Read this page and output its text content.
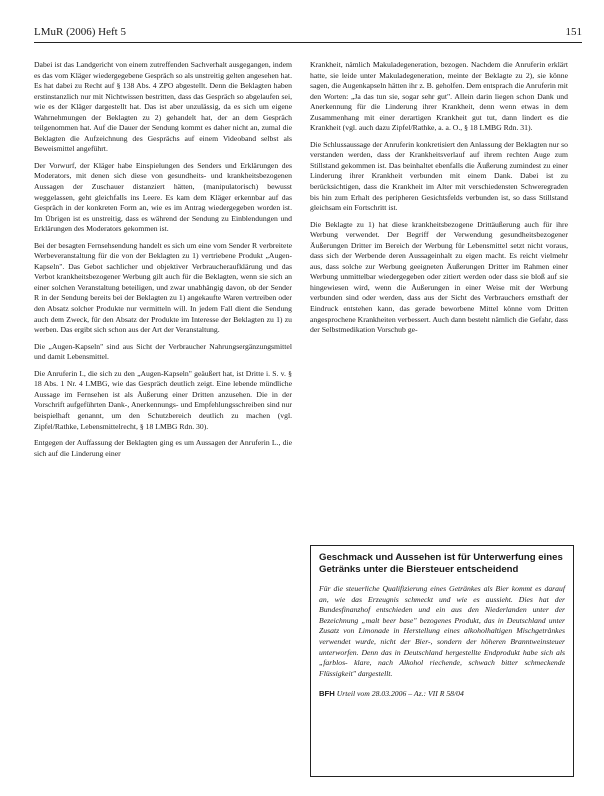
LMuR (2006) Heft 5	151

Dabei ist das Landgericht von einem zutreffenden Sachverhalt ausgegangen, indem es das vom Kläger wiedergegebene Gespräch so als unstreitig gelten angesehen hat. Es hat dabei zu Recht auf § 138 Abs. 4 ZPO abgestellt. Denn die Beklagten haben erstinstanzlich nur mit Nichtwissen bestritten, dass das Gespräch so abgelaufen sei, wie es der Kläger dargestellt hat. Das ist aber unzulässig, da es sich um eigene Wahrnehmungen der Beklagten zu 2) gehandelt hat, der an dem Gespräch teilgenommen hat. Auf die Dauer der Sendung kommt es daher nicht an, zumal die Beklagten die Aufzeichnung des Gesprächs auf einem Videoband selbst als Beweismittel angeführt.

Der Vorwurf, der Kläger habe Einspielungen des Senders und Erklärungen des Moderators, mit denen sich diese von gesundheits- und krankheitsbezogenen Aussagen der Zuschauer distanziert hätten, (manipulatorisch) bewusst weggelassen, geht gleichfalls ins Leere. Es kam dem Kläger erkennbar auf das Gespräch in der konkreten Form an, wie es im Antrag wiedergegeben worden ist. Im Übrigen ist es unstreitig, dass es während der Sendung zu Einblendungen und Erklärungen des Moderators gekommen ist.

Bei der besagten Fernsehsendung handelt es sich um eine vom Sender R verbreitete Werbeveranstaltung für die von der Beklagten zu 1) vertriebene Produkt „Augen-Kapseln". Das Gebot sachlicher und objektiver Verbraucheraufklärung und das Verbot krankheitsbezogener Werbung gilt auch für die Beklagten, wenn sie sich an einer solchen Veranstaltung beteiligen, und zwar unabhängig davon, ob der Sender R in der Sendung bereits bei der Beklagten zu 1) angekaufte Waren vertreiben oder den Absatz solcher Produkte nur vermitteln will. In jedem Fall dient die Sendung auch dem Zweck, für den Absatz der Produkte im Interesse der Beklagten zu 1) zu werben. Das ergibt sich schon aus der Art der Veranstaltung.

Die „Augen-Kapseln" sind aus Sicht der Verbraucher Nahrungsergänzungsmittel und damit Lebensmittel.

Die Anruferin I., die sich zu den „Augen-Kapseln" geäußert hat, ist Dritte i. S. v. § 18 Abs. 1 Nr. 4 LMBG, wie das Gespräch deutlich zeigt. Eine lebende mündliche Aussage im Fernsehen ist als Äußerung einer Dritten anzusehen. Die in der Vorschrift aufgeführten Dank-, Anerkennungs- und Empfehlungsschreiben sind nur beispielhaft genannt, um den Schutzbereich deutlich zu machen (vgl. Zipfel/Rathke, Lebensmittelrecht, § 18 LMBG Rdn. 30).

Entgegen der Auffassung der Beklagten ging es um Aussagen der Anruferin L., die sich auf die Linderung einer

Krankheit, nämlich Makuladegeneration, bezogen. Nachdem die Anruferin erklärt hatte, sie leide unter Makuladegeneration, meinte der Beklagte zu 2), sie könne sagen, die Augenkapseln hätten ihr z. B. geholfen. Dem entsprach die Anruferin mit den Worten: „Ja das tun sie, sogar sehr gut". Allein darin liegen schon Dank und Anerkennung für die Linderung ihrer Krankheit, denn wenn etwas in dem Zusammenhang mit einer derartigen Krankheit gut tut, dann lindert es die Krankheit (vgl. auch dazu Zipfel/Rathke, a. a. O., § 18 LMBG Rdn. 31).

Die Schlussaussage der Anruferin konkretisiert den Anlassung der Beklagten nur so verstanden werden, dass der Krankheitsverlauf auf ihrem rechten Auge zum Stillstand gekommen ist. Das beinhaltet ebenfalls die Äußerung zumindest zu einer Linderung ihrer Krankheit verbunden mit einem Dank. Dabei ist zu berücksichtigen, dass die Krankheit im Alter mit verschiedensten Schweregraden bis hin zum Erhalt des peripheren Gesichtsfelds verbunden ist, so dass Stillstand gleichsam ein Fortschritt ist.

Die Beklagte zu 1) hat diese krankheitsbezogene Drittäußerung auch für ihre Werbung verwendet. Der Begriff der Verwendung gesundheitsbezogener Äußerungen Dritter im Bereich der Werbung für Lebensmittel setzt nicht voraus, dass sich der Werbende deren Aussageinhalt zu eigen macht. Es reicht vielmehr aus, dass solche zur Werbung geeigneten Äußerungen Dritter im Rahmen einer Werbung unmittelbar wiedergegeben oder zitiert werden oder dass sie bloß auf sie hingewiesen wird, wenn die Äußerungen in einer Weise mit der Werbung verbunden sind oder werden, dass aus der Sicht des Verbrauchers ernsthaft der Eindruck entstehen kann, das gerade beworbene Mittel könne vom Dritten angesprochene Krankheiten verbessert. Auch dann besteht nämlich die Gefahr, dass der Selbstmedikation Vorschub ge-

Geschmack und Aussehen ist für Unterwerfung eines Getränks unter die Biersteuer entscheidend
Für die steuerliche Qualifizierung eines Getränkes als Bier kommt es darauf an, wie das Erzeugnis schmeckt und wie es aussieht. Dies hat der Bundesfinanzhof entschieden und ein aus den Niederlanden unter der Bezeichnung „malt beer base" bezogenes Produkt, das in Deutschland unter Zusatz von Limonade in Herstellung eines alkoholhaltigen Mischgetränkes verwendet wurde, nicht der Bier-, sondern der höheren Branntweinsteuer unterworfen. Denn das in Deutschland hergestellte Endprodukt habe sich als „farblos- klare, nach Alkohol riechende, schwach bitter schmeckende Flüssigkeit" dargestellt.
BFH Urteil vom 28.03.2006 – Az.: VII R 58/04
